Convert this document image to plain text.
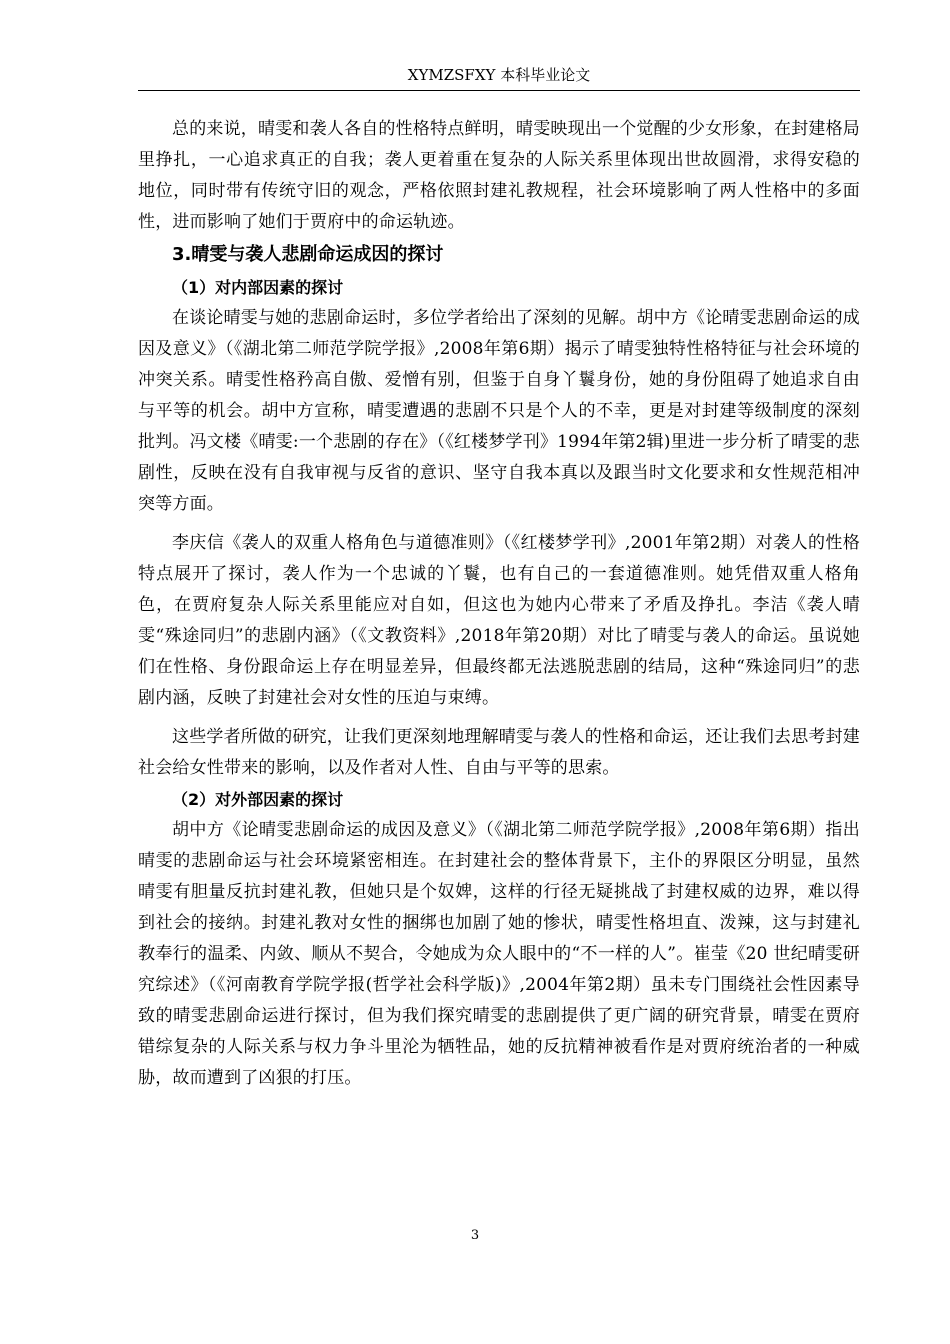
XYMZSFXY 本科毕业论文

总的来说，晴雯和袭人各自的性格特点鲜明，晴雯映现出一个觉醒的少女形象，在封建格局里挣扎，一心追求真正的自我；袭人更着重在复杂的人际关系里体现出世故圆滑，求得安稳的地位，同时带有传统守旧的观念，严格依照封建礼教规程，社会环境影响了两人性格中的多面性，进而影响了她们于贾府中的命运轨迹。

3.晴雯与袭人悲剧命运成因的探讨
（1）对内部因素的探讨

在谈论晴雯与她的悲剧命运时，多位学者给出了深刻的见解。胡中方《论晴雯悲剧命运的成因及意义》（《湖北第二师范学院学报》,2008年第6期）揭示了晴雯独特性格特征与社会环境的冲突关系。晴雯性格矜高自傲、爱憎有别，但鉴于自身丫鬟身份，她的身份阻碍了她追求自由与平等的机会。胡中方宣称，晴雯遭遇的悲剧不只是个人的不幸，更是对封建等级制度的深刻批判。冯文楼《晴雯:一个悲剧的存在》（《红楼梦学刊》1994年第2辑)里进一步分析了晴雯的悲剧性，反映在没有自我审视与反省的意识、坚守自我本真以及跟当时文化要求和女性规范相冲突等方面。

李庆信《袭人的双重人格角色与道德准则》（《红楼梦学刊》,2001年第2期）对袭人的性格特点展开了探讨，袭人作为一个忠诚的丫鬟，也有自己的一套道德准则。她凭借双重人格角色，在贾府复杂人际关系里能应对自如，但这也为她内心带来了矛盾及挣扎。李洁《袭人晴雯“殊途同归”的悲剧内涵》（《文教资料》,2018年第20期）对比了晴雯与袭人的命运。虽说她们在性格、身份跟命运上存在明显差异，但最终都无法逃脱悲剧的结局，这种“殊途同归”的悲剧内涵，反映了封建社会对女性的压迫与束缚。

这些学者所做的研究，让我们更深刻地理解晴雯与袭人的性格和命运，还让我们去思考封建社会给女性带来的影响，以及作者对人性、自由与平等的思索。

（2）对外部因素的探讨

胡中方《论晴雯悲剧命运的成因及意义》（《湖北第二师范学院学报》,2008年第6期）指出晴雯的悲剧命运与社会环境紧密相连。在封建社会的整体背景下，主仆的界限区分明显，虽然晴雯有胆量反抗封建礼教，但她只是个奴婢，这样的行径无疑挑战了封建权威的边界，难以得到社会的接纳。封建礼教对女性的捆绑也加剧了她的惨状，晴雯性格坦直、泼辣，这与封建礼教奉行的温柔、内敛、顺从不契合，令她成为众人眼中的“不一样的人”。崔莹《20 世纪晴雯研究综述》（《河南教育学院学报(哲学社会科学版)》,2004年第2期）虽未专门围绕社会性因素导致的晴雯悲剧命运进行探讨，但为我们探究晴雯的悲剧提供了更广阔的研究背景，晴雯在贾府错综复杂的人际关系与权力争斗里沦为牺牲品，她的反抗精神被看作是对贾府统治者的一种威胁，故而遭到了凶狠的打压。

3
